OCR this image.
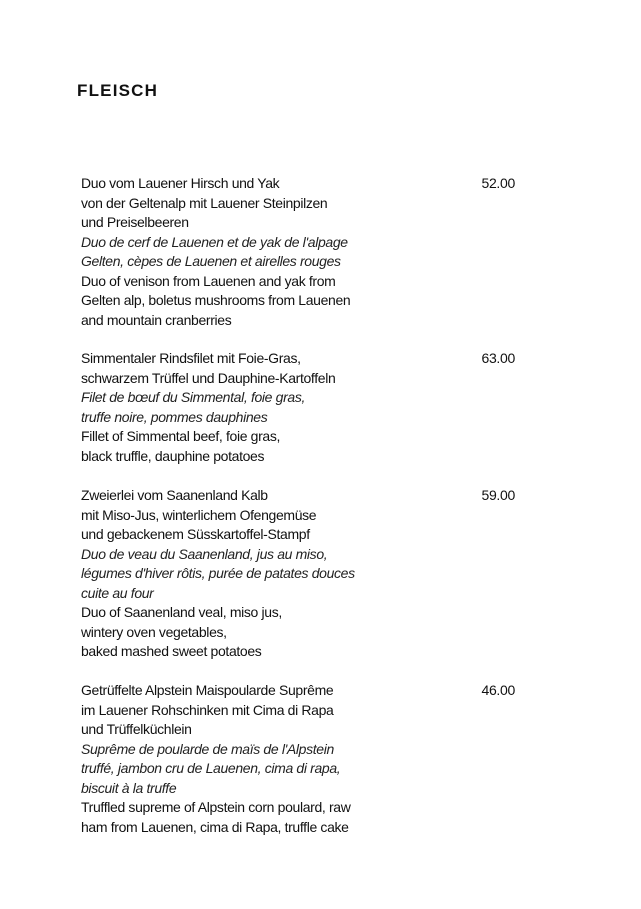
FLEISCH
Duo vom Lauener Hirsch und Yak
von der Geltenalp mit Lauener Steinpilzen
und Preiselbeeren
Duo de cerf de Lauenen et de yak de l'alpage
Gelten, cèpes de Lauenen et airelles rouges
Duo of venison from Lauenen and yak from
Gelten alp, boletus mushrooms from Lauenen
and mountain cranberries
52.00
Simmentaler Rindsfilet mit Foie-Gras,
schwarzem Trüffel und Dauphine-Kartoffeln
Filet de bœuf du Simmental, foie gras,
truffe noire, pommes dauphines
Fillet of Simmental beef, foie gras,
black truffle, dauphine potatoes
63.00
Zweierlei vom Saanenland Kalb
mit Miso-Jus, winterlichem Ofengemüse
und gebackenem Süsskartoffel-Stampf
Duo de veau du Saanenland, jus au miso,
légumes d'hiver rôtis, purée de patates douces
cuite au four
Duo of Saanenland veal, miso jus,
wintery oven vegetables,
baked mashed sweet potatoes
59.00
Getrüffelte Alpstein Maispoularde Suprême
im Lauener Rohschinken mit Cima di Rapa
und Trüffelküchlein
Suprême de poularde de maïs de l'Alpstein
truffé, jambon cru de Lauenen, cima di rapa,
biscuit à la truffe
Truffled supreme of Alpstein corn poulard, raw
ham from Lauenen, cima di Rapa, truffle cake
46.00
